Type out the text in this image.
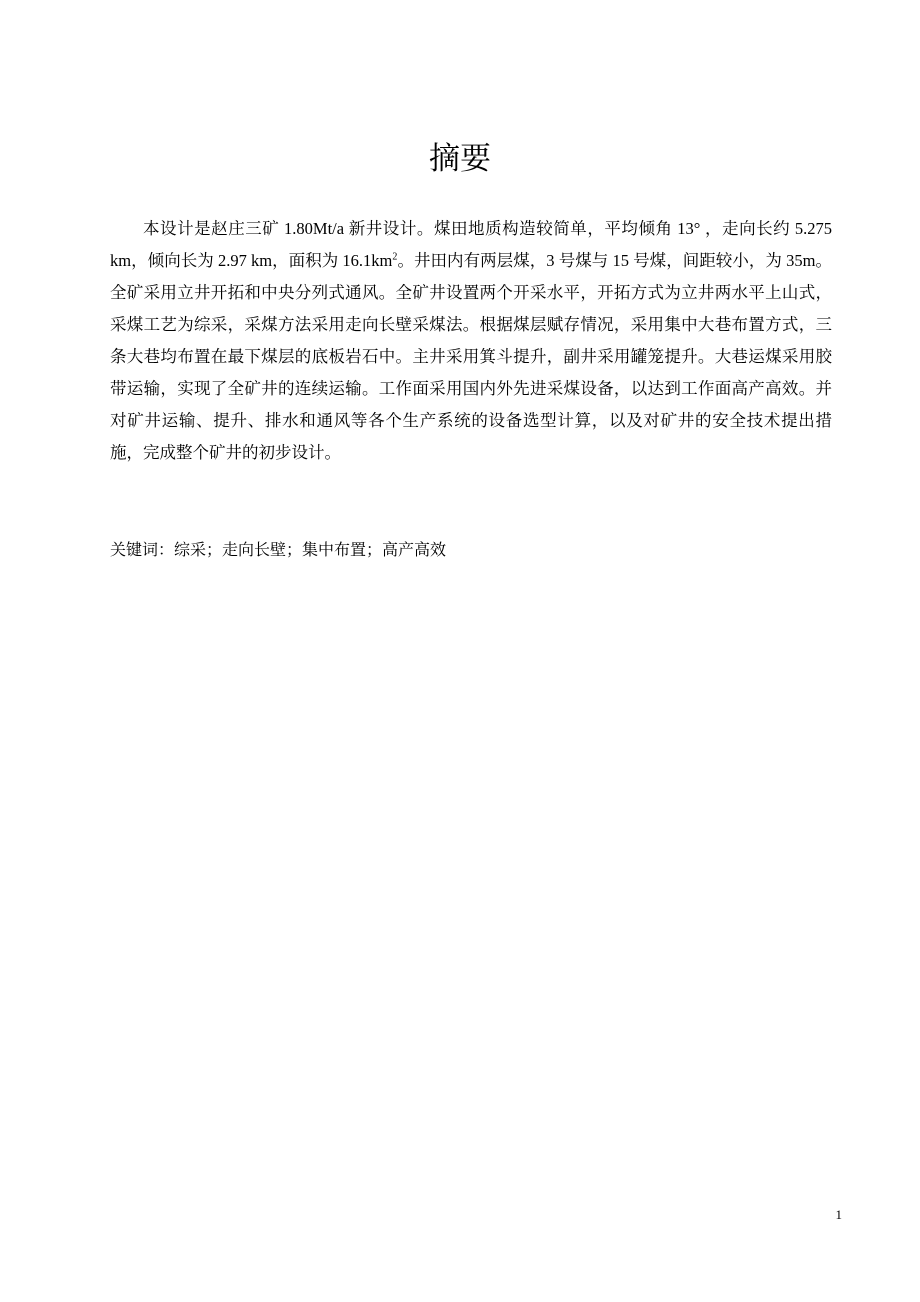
摘要

本设计是赵庄三矿 1.80Mt/a 新井设计。煤田地质构造较简单，平均倾角 13° ，走向长约 5.275 km，倾向长为 2.97 km，面积为 $16.1km^2$。井田内有两层煤，3 号煤与 15 号煤，间距较小，为 35m。全矿采用立井开拓和中央分列式通风。全矿井设置两个开采水平，开拓方式为立井两水平上山式，采煤工艺为综采，采煤方法采用走向长壁采煤法。根据煤层赋存情况，采用集中大巷布置方式，三条大巷均布置在最下煤层的底板岩石中。主井采用箕斗提升，副井采用罐笼提升。大巷运煤采用胶带运输，实现了全矿井的连续运输。工作面采用国内外先进采煤设备，以达到工作面高产高效。并对矿井运输、提升、排水和通风等各个生产系统的设备选型计算，以及对矿井的安全技术提出措施，完成整个矿井的初步设计。

关键词：综采；走向长壁；集中布置；高产高效

1
